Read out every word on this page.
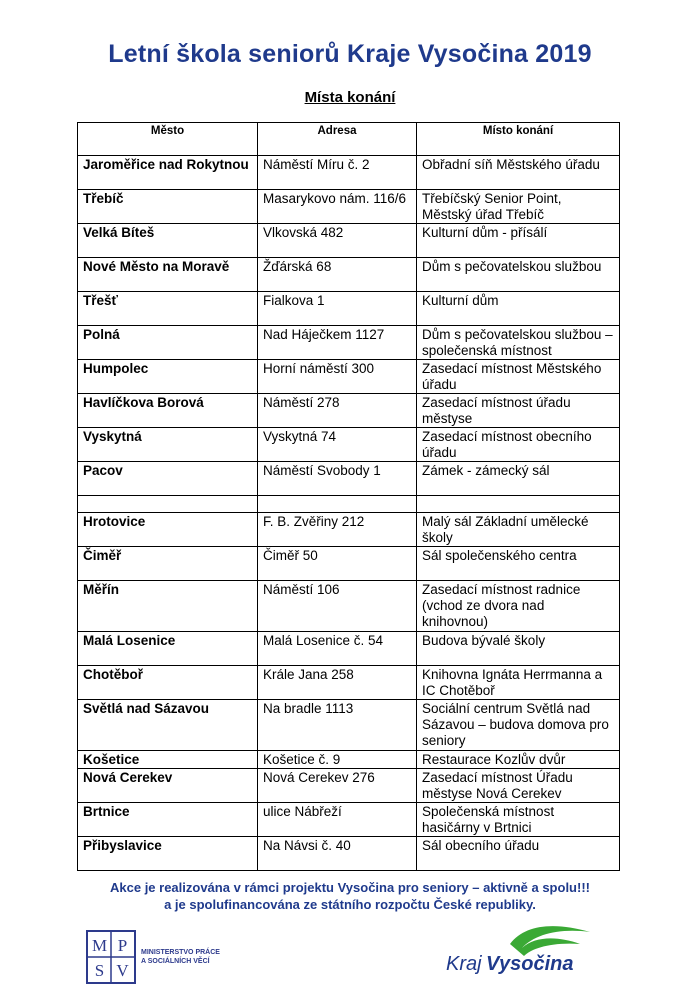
Letní škola seniorů Kraje Vysočina 2019
Místa konání
Město	Adresa	Místo konání
Jaroměřice nad Rokytnou	Náměstí Míru č. 2	Obřadní síň Městského úřadu
Třebíč	Masarykovo nám. 116/6	Třebíčský Senior Point, Městský úřad Třebíč
Velká Bíteš	Vlkovská 482	Kulturní dům - přísálí
Nové Město na Moravě	Žďárská 68	Dům s pečovatelskou službou
Třešť	Fialkova 1	Kulturní dům
Polná	Nad Háječkem 1127	Dům s pečovatelskou službou – společenská místnost
Humpolec	Horní náměstí 300	Zasedací místnost Městského úřadu
Havlíčkova Borová	Náměstí 278	Zasedací místnost úřadu městyse
Vyskytná	Vyskytná 74	Zasedací místnost obecního úřadu
Pacov	Náměstí Svobody 1	Zámek - zámecký sál

Hrotovice	F. B. Zvěřiny 212	Malý sál Základní umělecké školy
Čiměř	Čiměř 50	Sál společenského centra
Měřín	Náměstí 106	Zasedací místnost radnice (vchod ze dvora nad knihovnou)
Malá Losenice	Malá Losenice č. 54	Budova bývalé školy
Chotěboř	Krále Jana 258	Knihovna Ignáta Herrmanna a IC Chotěboř
Světlá nad Sázavou	Na bradle 1113	Sociální centrum Světlá nad Sázavou – budova domova pro seniory
Košetice	Košetice č. 9	Restaurace Kozlův dvůr
Nová Cerekev	Nová Cerekev 276	Zasedací místnost Úřadu městyse Nová Cerekev
Brtnice	ulice Nábřeží	Společenská místnost hasičárny v Brtnici
Přibyslavice	Na Návsi č. 40	Sál obecního úřadu
Akce je realizována v rámci projektu Vysočina pro seniory – aktivně a spolu!!!
a je spolufinancována ze státního rozpočtu České republiky.
M P
S V
MINISTERSTVO PRÁCE
A SOCIÁLNÍCH VĚCÍ	Kraj Vysočina
